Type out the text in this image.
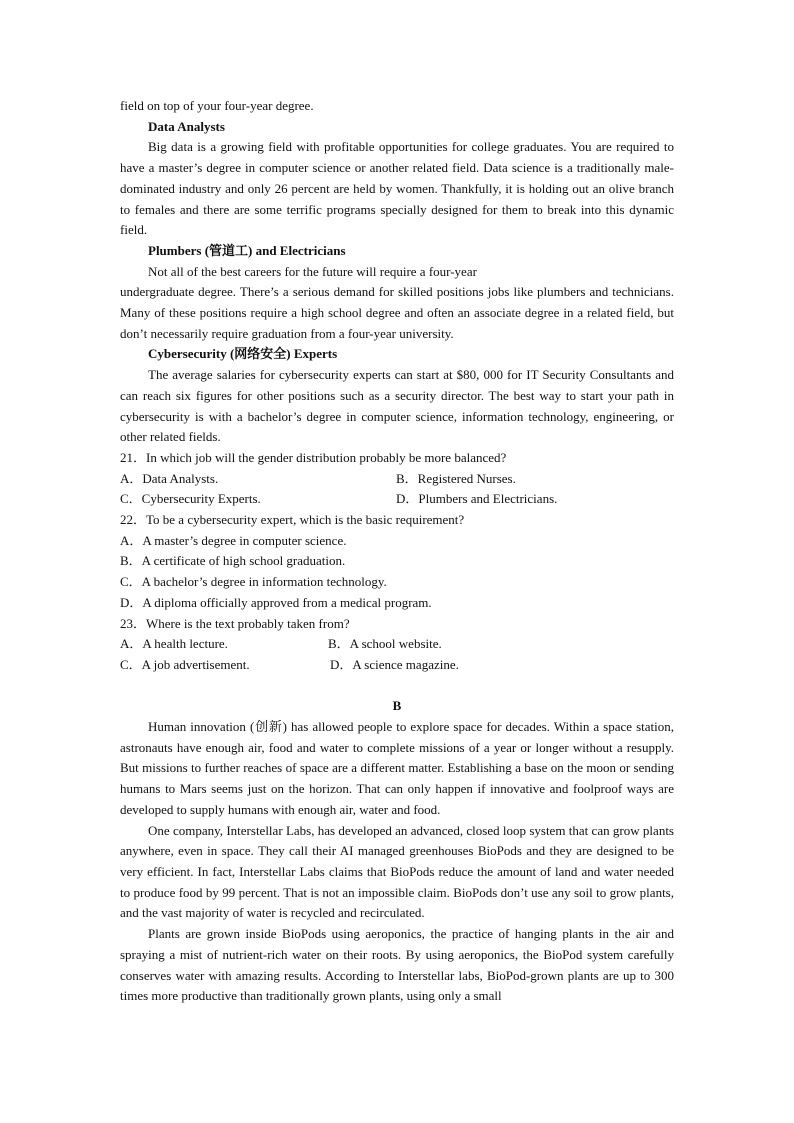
field on top of your four-year degree.

Data Analysts

Big data is a growing field with profitable opportunities for college graduates. You are required to have a master’s degree in computer science or another related field. Data science is a traditionally male-dominated industry and only 26 percent are held by women. Thankfully, it is holding out an olive branch to females and there are some terrific programs specially designed for them to break into this dynamic field.

Plumbers (管道工) and Electricians

Not all of the best careers for the future will require a four-year

undergraduate degree. There’s a serious demand for skilled positions jobs like plumbers and technicians. Many of these positions require a high school degree and often an associate degree in a related field, but don’t necessarily require graduation from a four-year university.

Cybersecurity (网络安全) Experts

The average salaries for cybersecurity experts can start at $80, 000 for IT Security Consultants and can reach six figures for other positions such as a security director. The best way to start your path in cybersecurity is with a bachelor’s degree in computer science, information technology, engineering, or other related fields.

21．In which job will the gender distribution probably be more balanced?

A．Data Analysts.	B．Registered Nurses.
C．Cybersecurity Experts.	D．Plumbers and Electricians.

22．To be a cybersecurity expert, which is the basic requirement?

A．A master’s degree in computer science.

B．A certificate of high school graduation.

C．A bachelor’s degree in information technology.

D．A diploma officially approved from a medical program.

23．Where is the text probably taken from?

A．A health lecture.	B．A school website.
C．A job advertisement.	D．A science magazine.

B

Human innovation (创新) has allowed people to explore space for decades. Within a space station, astronauts have enough air, food and water to complete missions of a year or longer without a resupply. But missions to further reaches of space are a different matter. Establishing a base on the moon or sending humans to Mars seems just on the horizon. That can only happen if innovative and foolproof ways are developed to supply humans with enough air, water and food.

One company, Interstellar Labs, has developed an advanced, closed loop system that can grow plants anywhere, even in space. They call their AI managed greenhouses BioPods and they are designed to be very efficient. In fact, Interstellar Labs claims that BioPods reduce the amount of land and water needed to produce food by 99 percent. That is not an impossible claim. BioPods don’t use any soil to grow plants, and the vast majority of water is recycled and recirculated.

Plants are grown inside BioPods using aeroponics, the practice of hanging plants in the air and spraying a mist of nutrient-rich water on their roots. By using aeroponics, the BioPod system carefully conserves water with amazing results. According to Interstellar labs, BioPod-grown plants are up to 300 times more productive than traditionally grown plants, using only a small
